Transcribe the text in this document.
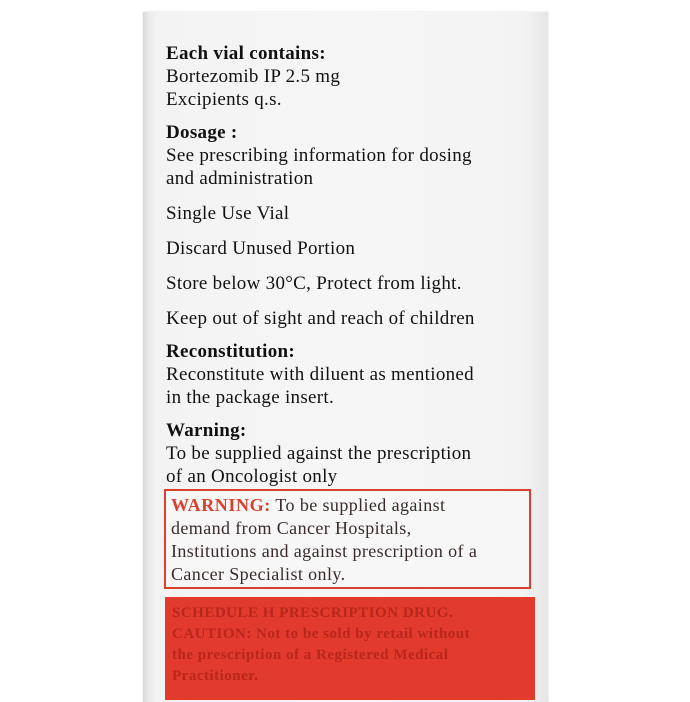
Each vial contains:

Bortezomib IP 2.5 mg

Excipients q.s.

Dosage :

See prescribing information for dosing

and administration

Single Use Vial

Discard Unused Portion

Store below 30°C, Protect from light.

Keep out of sight and reach of children

Reconstitution:

Reconstitute with diluent as mentioned

in the package insert.

Warning:

To be supplied against the prescription

of an Oncologist only

WARNING: To be supplied against
demand from Cancer Hospitals,
Institutions and against prescription of a
Cancer Specialist only.
SCHEDULE H PRESCRIPTION DRUG.
CAUTION: Not to be sold by retail without
the prescription of a Registered Medical
Practitioner.
